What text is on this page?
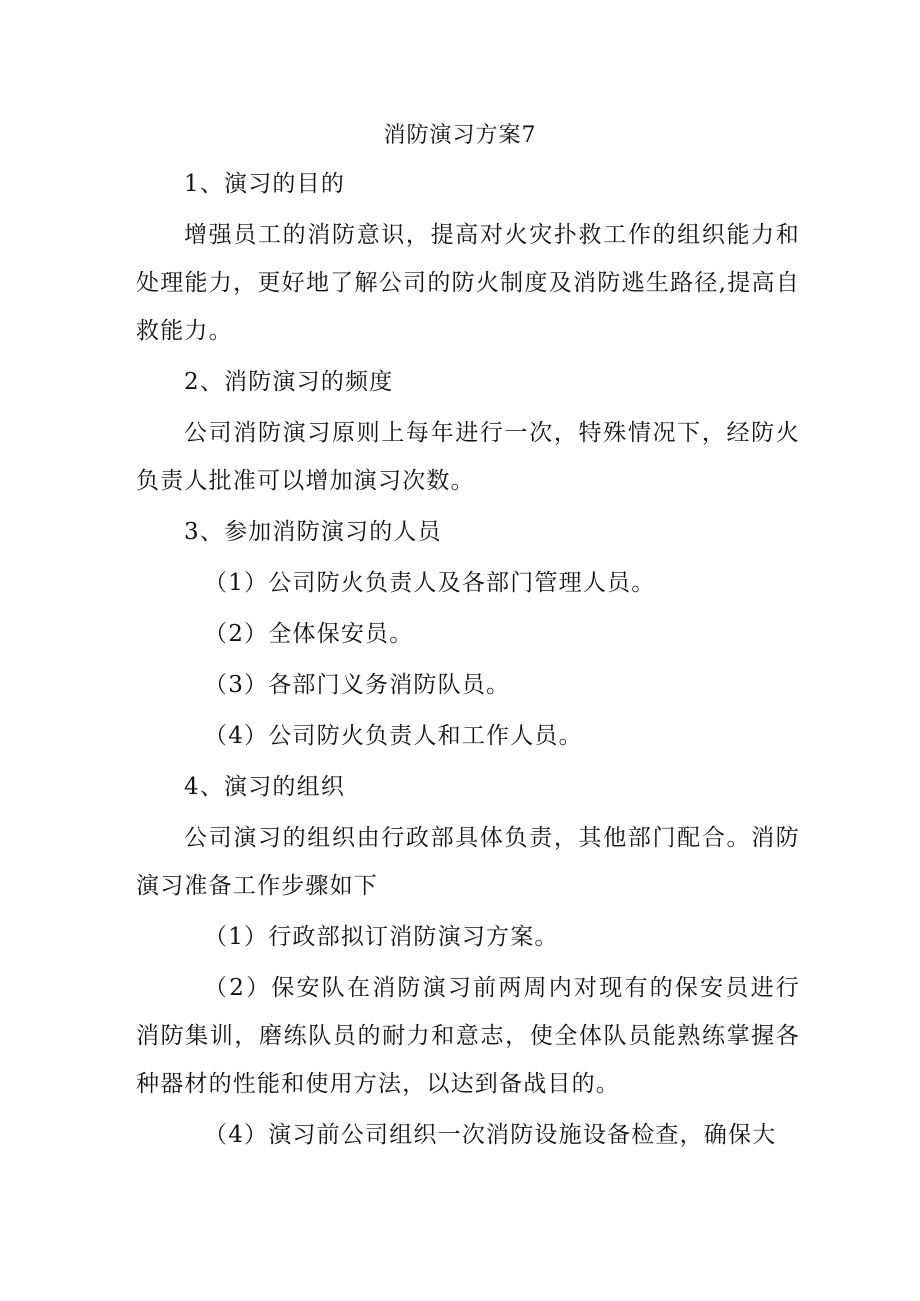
消防演习方案7

1、演习的目的

增强员工的消防意识，提高对火灾扑救工作的组织能力和处理能力，更好地了解公司的防火制度及消防逃生路径,提高自救能力。

2、消防演习的频度

公司消防演习原则上每年进行一次，特殊情况下，经防火负责人批准可以增加演习次数。

3、参加消防演习的人员

（1）公司防火负责人及各部门管理人员。

（2）全体保安员。

（3）各部门义务消防队员。

（4）公司防火负责人和工作人员。

4、演习的组织

公司演习的组织由行政部具体负责，其他部门配合。消防演习准备工作步骤如下

（1）行政部拟订消防演习方案。

（2）保安队在消防演习前两周内对现有的保安员进行消防集训，磨练队员的耐力和意志，使全体队员能熟练掌握各种器材的性能和使用方法，以达到备战目的。

（4）演习前公司组织一次消防设施设备检查，确保大
